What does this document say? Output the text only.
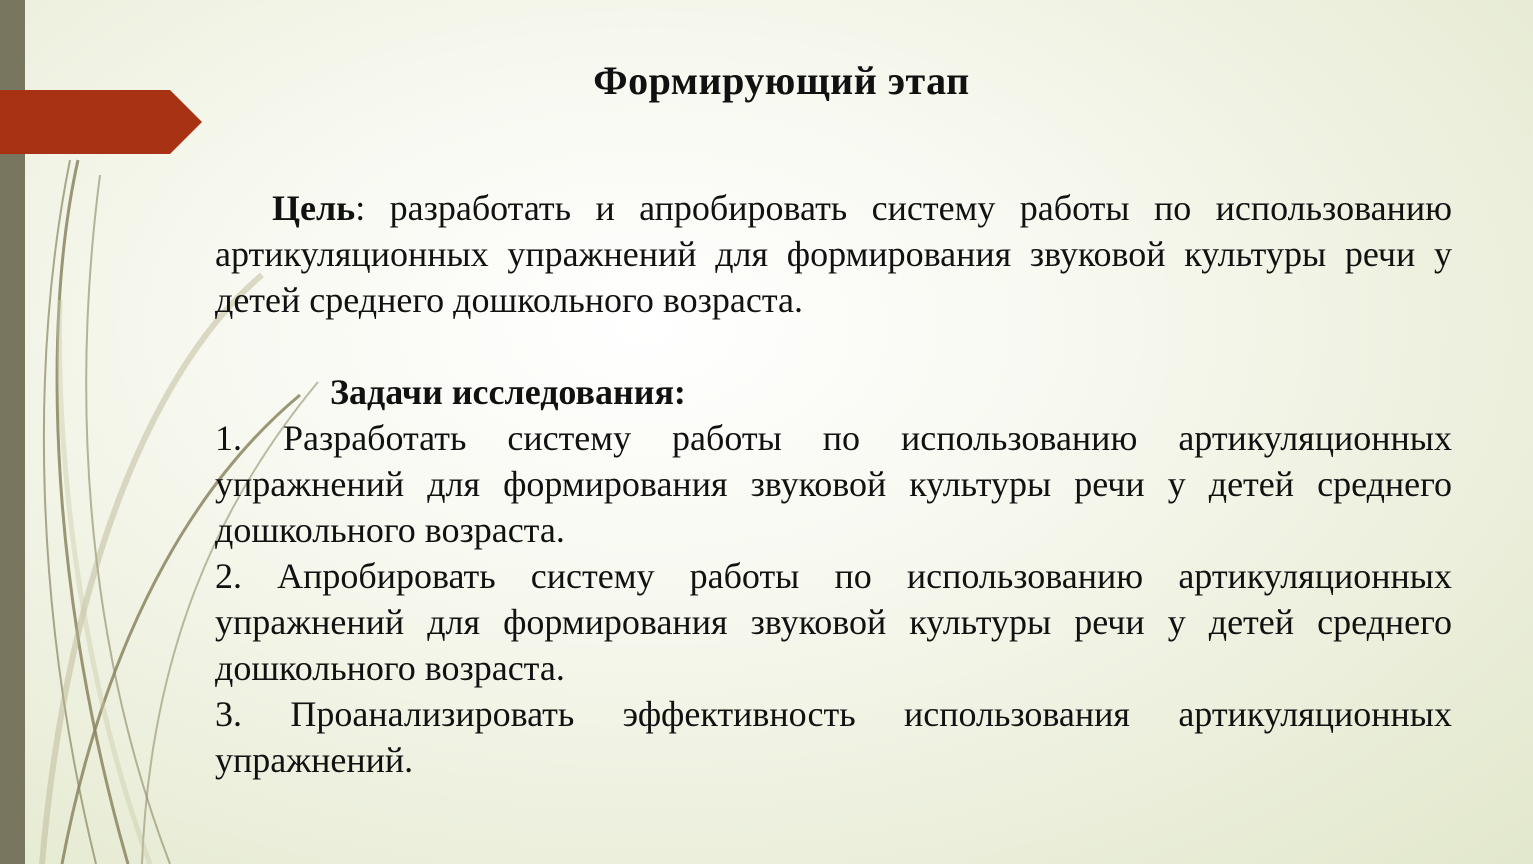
Формирующий этап

Цель: разработать и апробировать систему работы по использованию артикуляционных упражнений для формирования звуковой культуры речи у детей среднего дошкольного возраста.

Задачи исследования:

1. Разработать систему работы по использованию артикуляционных упражнений для формирования звуковой культуры речи у детей среднего дошкольного возраста.

2. Апробировать систему работы по использованию артикуляционных упражнений для формирования звуковой культуры речи у детей среднего дошкольного возраста.

3. Проанализировать эффективность использования артикуляционных упражнений.
